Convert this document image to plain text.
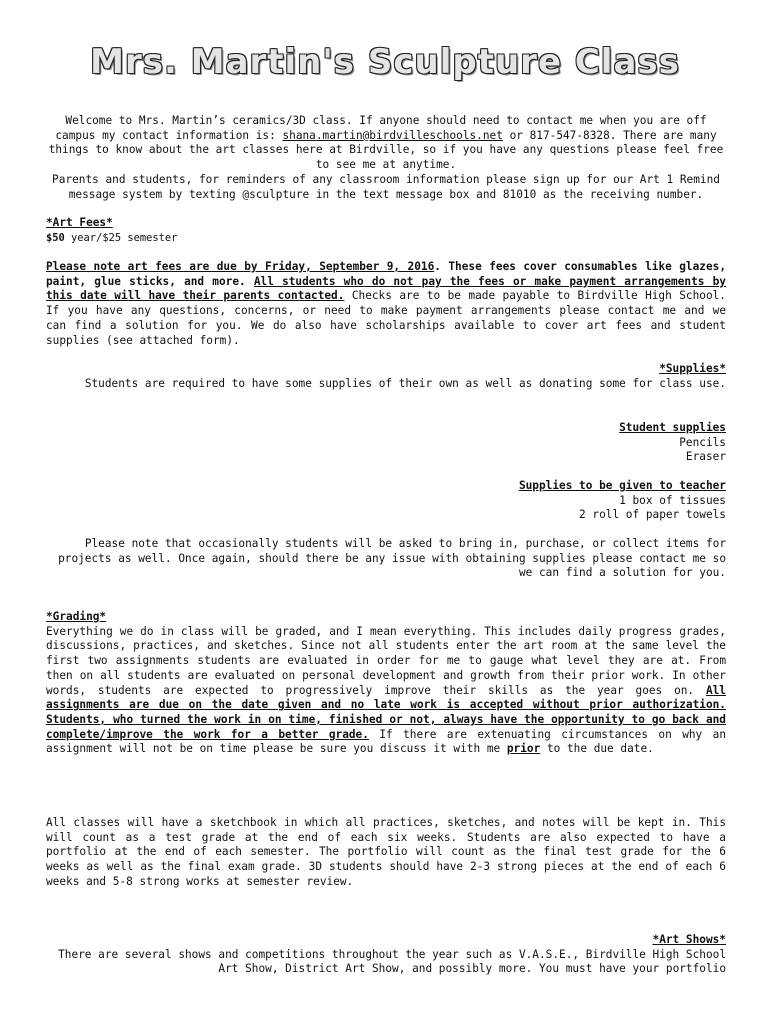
Mrs. Martin's Sculpture Class

Welcome to Mrs. Martin’s ceramics/3D class. If anyone should need to contact me when you are off campus my contact information is: shana.martin@birdvilleschools.net or 817-547-8328. There are many things to know about the art classes here at Birdville, so if you have any questions please feel free to see me at anytime.

Parents and students, for reminders of any classroom information please sign up for our Art 1 Remind message system by texting @sculpture in the text message box and 81010 as the receiving number.

*Art Fees*
$50 year/$25 semester
Please note art fees are due by Friday, September 9, 2016. These fees cover consumables like glazes, paint, glue sticks, and more. All students who do not pay the fees or make payment arrangements by this date will have their parents contacted. Checks are to be made payable to Birdville High School. If you have any questions, concerns, or need to make payment arrangements please contact me and we can find a solution for you. We do also have scholarships available to cover art fees and student supplies (see attached form).
*Supplies*
Students are required to have some supplies of their own as well as donating some for class use.
Student supplies
Pencils
Eraser
Supplies to be given to teacher
1 box of tissues
2 roll of paper towels
Please note that occasionally students will be asked to bring in, purchase, or collect items for projects as well. Once again, should there be any issue with obtaining supplies please contact me so we can find a solution for you.
*Grading*
Everything we do in class will be graded, and I mean everything. This includes daily progress grades, discussions, practices, and sketches. Since not all students enter the art room at the same level the first two assignments students are evaluated in order for me to gauge what level they are at. From then on all students are evaluated on personal development and growth from their prior work. In other words, students are expected to progressively improve their skills as the year goes on. All assignments are due on the date given and no late work is accepted without prior authorization. Students, who turned the work in on time, finished or not, always have the opportunity to go back and complete/improve the work for a better grade. If there are extenuating circumstances on why an assignment will not be on time please be sure you discuss it with me prior to the due date.
All classes will have a sketchbook in which all practices, sketches, and notes will be kept in. This will count as a test grade at the end of each six weeks. Students are also expected to have a portfolio at the end of each semester. The portfolio will count as the final test grade for the 6 weeks as well as the final exam grade. 3D students should have 2-3 strong pieces at the end of each 6 weeks and 5-8 strong works at semester review.
*Art Shows*
There are several shows and competitions throughout the year such as V.A.S.E., Birdville High School Art Show, District Art Show, and possibly more. You must have your portfolio
